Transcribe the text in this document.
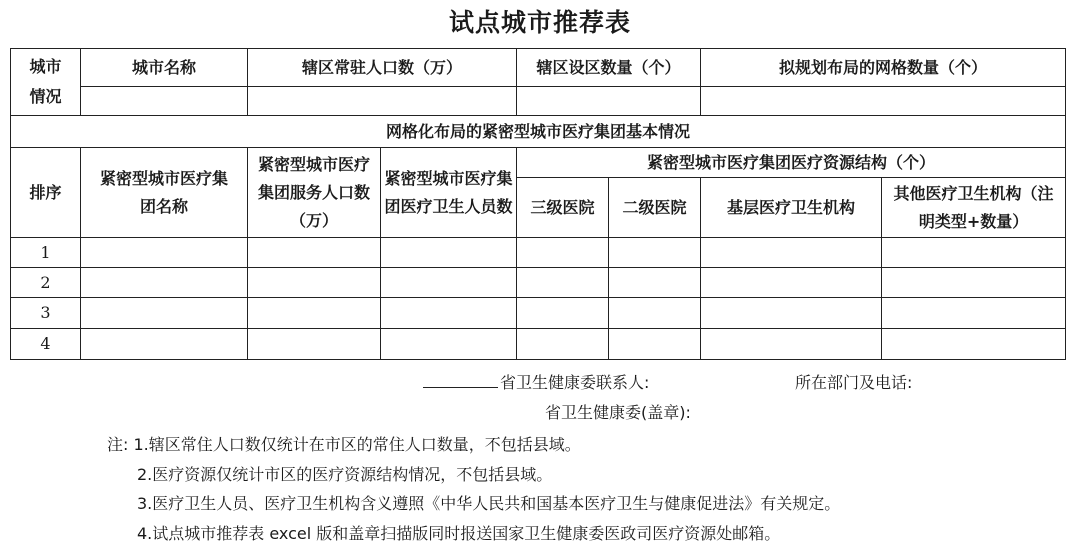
试点城市推荐表
城市
情况	城市名称	辖区常驻人口数（万）		辖区设区数量（个）		拟规划布局的网格数量（个）	

网格化布局的紧密型城市医疗集团基本情况							
排序	紧密型城市医疗集团名称	紧密型城市医疗集团服务人口数（万）	紧密型城市医疗集团医疗卫生人员数	紧密型城市医疗集团医疗资源结构（个）			
				三级医院	二级医院	基层医疗卫生机构	其他医疗卫生机构（注明类型+数量）
1							
2							
3							
4							
省卫生健康委联系人:	所在部门及电话:
省卫生健康委(盖章):
注: 1.辖区常住人口数仅统计在市区的常住人口数量，不包括县域。
2.医疗资源仅统计市区的医疗资源结构情况，不包括县域。
3.医疗卫生人员、医疗卫生机构含义遵照《中华人民共和国基本医疗卫生与健康促进法》有关规定。
4.试点城市推荐表 excel 版和盖章扫描版同时报送国家卫生健康委医政司医疗资源处邮箱。
